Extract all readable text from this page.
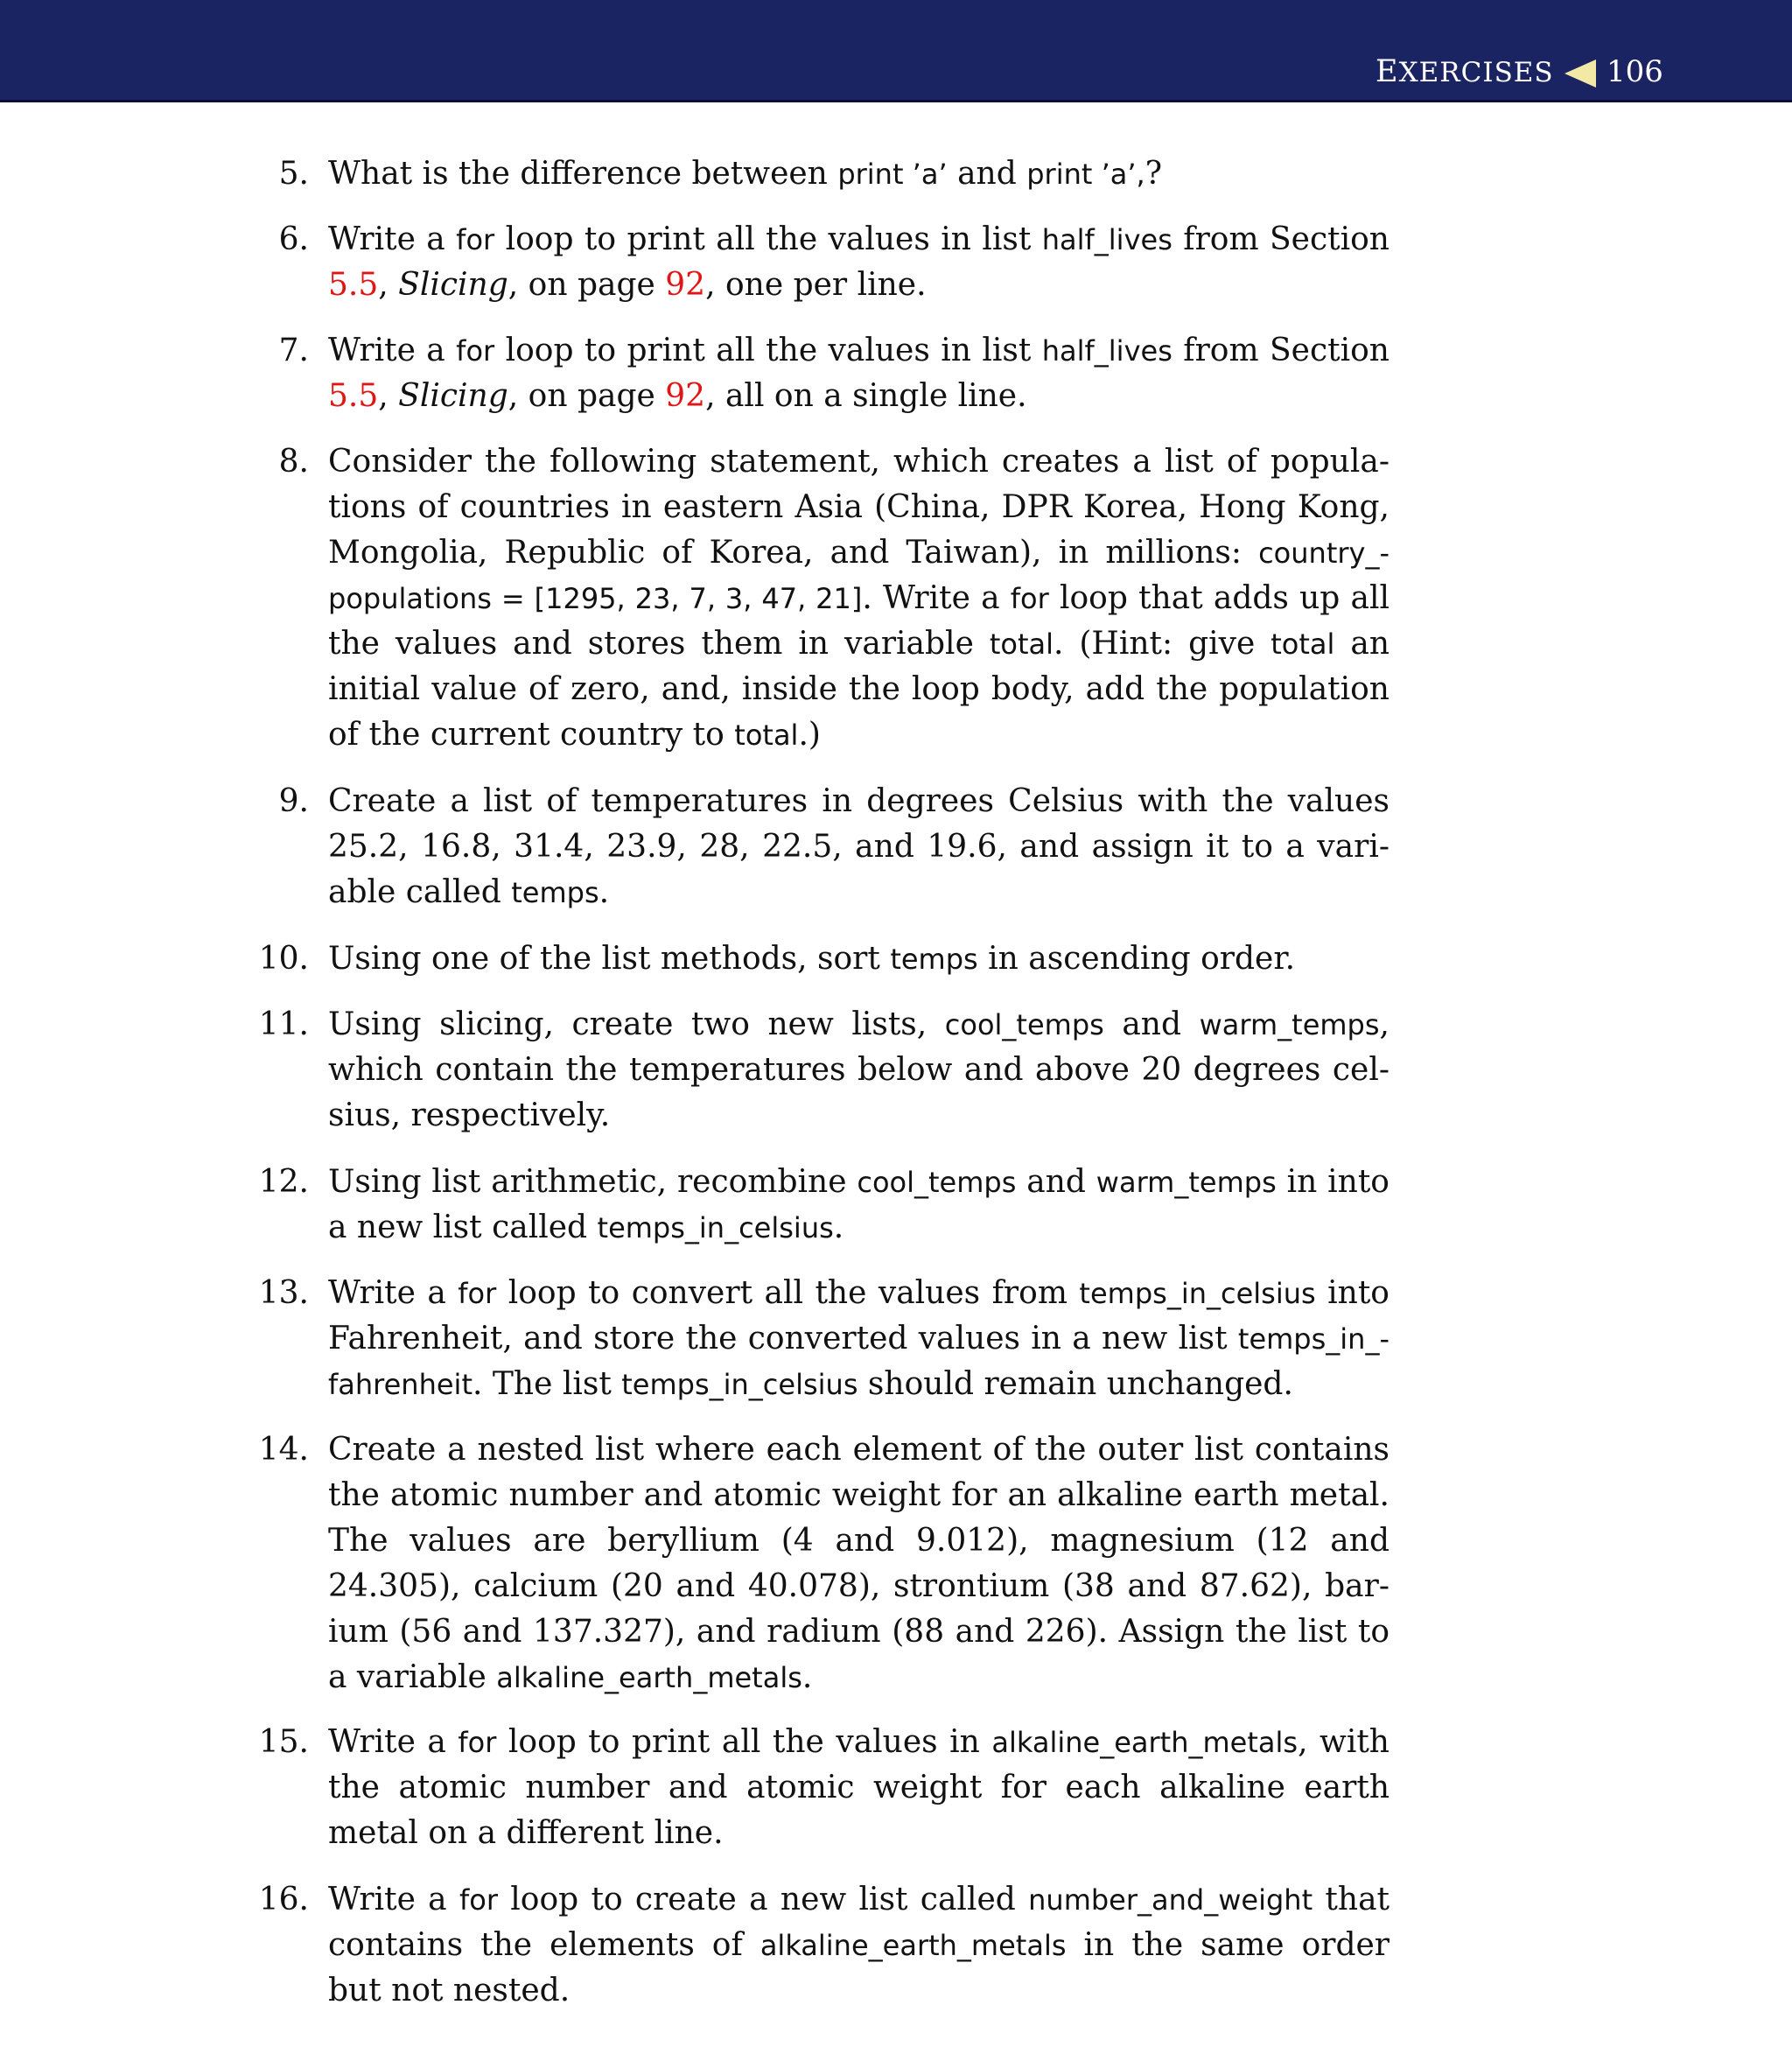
EXERCISES 106
5. What is the difference between print ’a’ and print ’a’,?
6. Write a for loop to print all the values in list half_lives from Section 5.5, Slicing, on page 92, one per line.
7. Write a for loop to print all the values in list half_lives from Section 5.5, Slicing, on page 92, all on a single line.
8. Consider the following statement, which creates a list of populations of countries in eastern Asia (China, DPR Korea, Hong Kong, Mongolia, Republic of Korea, and Taiwan), in millions: country_populations = [1295, 23, 7, 3, 47, 21]. Write a for loop that adds up all the values and stores them in variable total. (Hint: give total an initial value of zero, and, inside the loop body, add the population of the current country to total.)
9. Create a list of temperatures in degrees Celsius with the values 25.2, 16.8, 31.4, 23.9, 28, 22.5, and 19.6, and assign it to a variable called temps.
10. Using one of the list methods, sort temps in ascending order.
11. Using slicing, create two new lists, cool_temps and warm_temps, which contain the temperatures below and above 20 degrees celsius, respectively.
12. Using list arithmetic, recombine cool_temps and warm_temps in into a new list called temps_in_celsius.
13. Write a for loop to convert all the values from temps_in_celsius into Fahrenheit, and store the converted values in a new list temps_in_fahrenheit. The list temps_in_celsius should remain unchanged.
14. Create a nested list where each element of the outer list contains the atomic number and atomic weight for an alkaline earth metal. The values are beryllium (4 and 9.012), magnesium (12 and 24.305), calcium (20 and 40.078), strontium (38 and 87.62), barium (56 and 137.327), and radium (88 and 226). Assign the list to a variable alkaline_earth_metals.
15. Write a for loop to print all the values in alkaline_earth_metals, with the atomic number and atomic weight for each alkaline earth metal on a different line.
16. Write a for loop to create a new list called number_and_weight that contains the elements of alkaline_earth_metals in the same order but not nested.
